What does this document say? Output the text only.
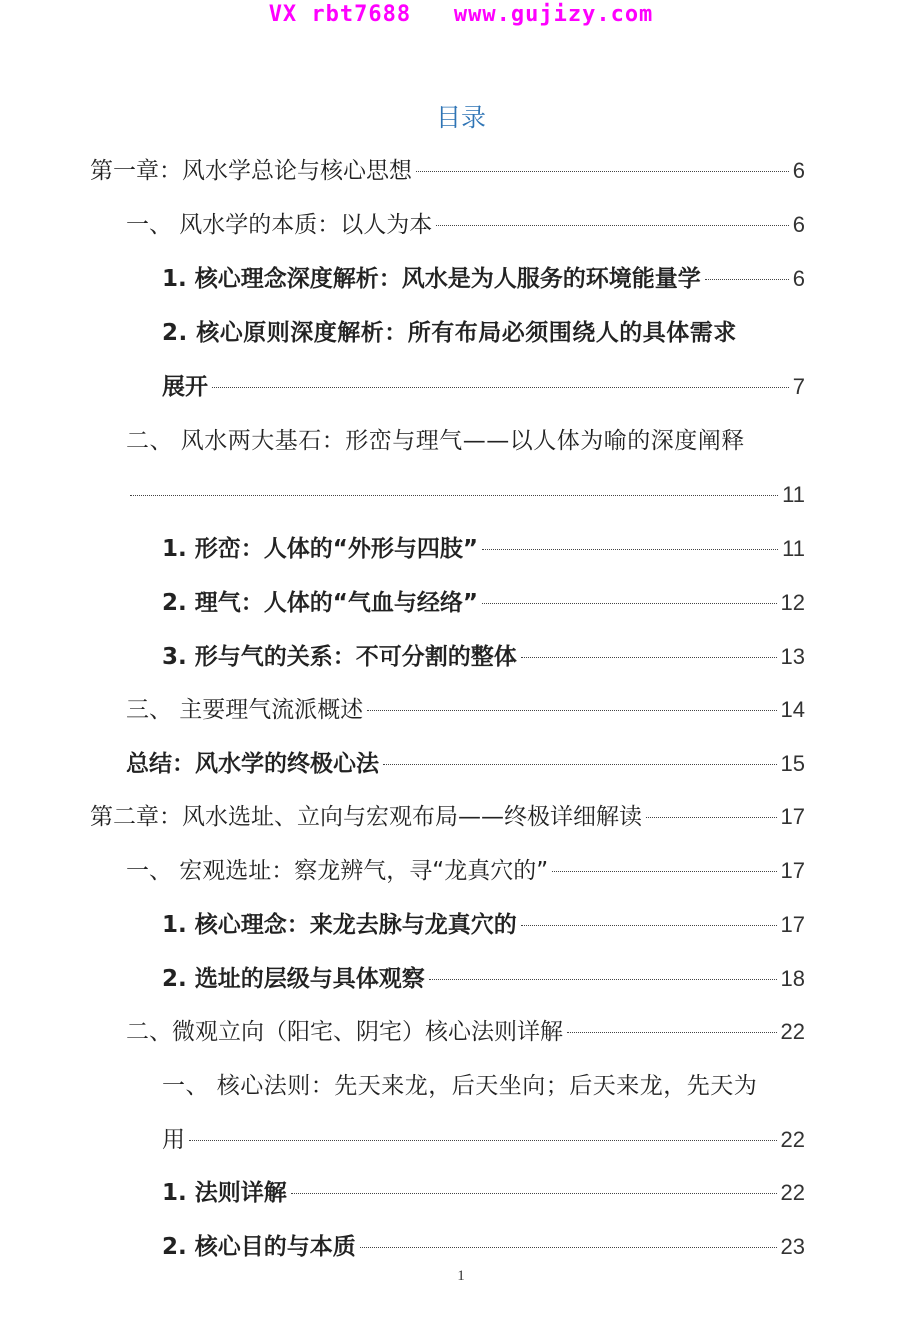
VX rbt7688   www.gujizy.com
目录
第一章：风水学总论与核心思想	6
一、 风水学的本质：以人为本	6
1. 核心理念深度解析：风水是为人服务的环境能量学	6
2. 核心原则深度解析：所有布局必须围绕人的具体需求
展开	7
二、 风水两大基石：形峦与理气——以人体为喻的深度阐释
11
1. 形峦：人体的“外形与四肢”	11
2. 理气：人体的“气血与经络”	12
3. 形与气的关系：不可分割的整体	13
三、 主要理气流派概述	14
总结：风水学的终极心法	15
第二章：风水选址、立向与宏观布局——终极详细解读	17
一、 宏观选址：察龙辨气，寻“龙真穴的”	17
1. 核心理念：来龙去脉与龙真穴的	17
2. 选址的层级与具体观察	18
二、微观立向（阳宅、阴宅）核心法则详解	22
一、 核心法则：先天来龙，后天坐向；后天来龙，先天为
用	22
1. 法则详解	22
2. 核心目的与本质	23
1
